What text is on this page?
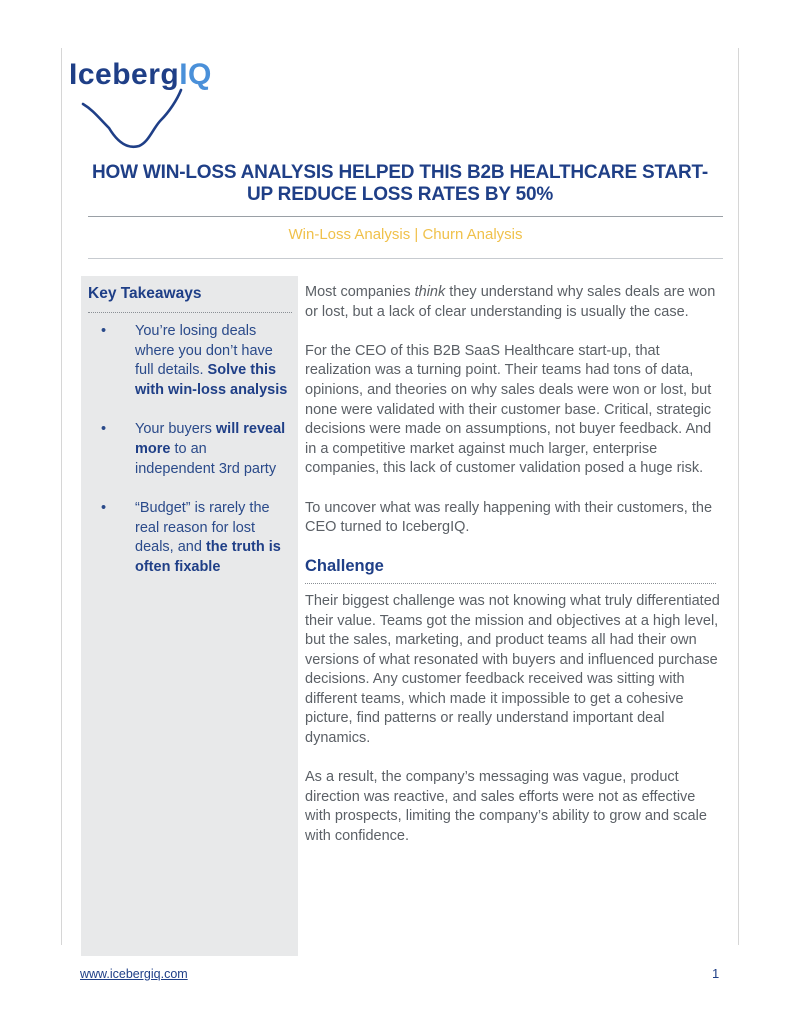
IcebergIQ
HOW WIN-LOSS ANALYSIS HELPED THIS B2B HEALTHCARE START-UP REDUCE LOSS RATES BY 50%
Win-Loss Analysis | Churn Analysis
Key Takeaways
• You’re losing deals where you don’t have full details. Solve this with win-loss analysis
• Your buyers will reveal more to an independent 3rd party
• “Budget” is rarely the real reason for lost deals, and the truth is often fixable

Most companies think they understand why sales deals are won or lost, but a lack of clear understanding is usually the case.

For the CEO of this B2B SaaS Healthcare start-up, that realization was a turning point. Their teams had tons of data, opinions, and theories on why sales deals were won or lost, but none were validated with their customer base. Critical, strategic decisions were made on assumptions, not buyer feedback. And in a competitive market against much larger, enterprise companies, this lack of customer validation posed a huge risk.

To uncover what was really happening with their customers, the CEO turned to IcebergIQ.

Challenge

Their biggest challenge was not knowing what truly differentiated their value. Teams got the mission and objectives at a high level, but the sales, marketing, and product teams all had their own versions of what resonated with buyers and influenced purchase decisions. Any customer feedback received was sitting with different teams, which made it impossible to get a cohesive picture, find patterns or really understand important deal dynamics.

As a result, the company’s messaging was vague, product direction was reactive, and sales efforts were not as effective with prospects, limiting the company’s ability to grow and scale with confidence.

www.icebergiq.com	1
